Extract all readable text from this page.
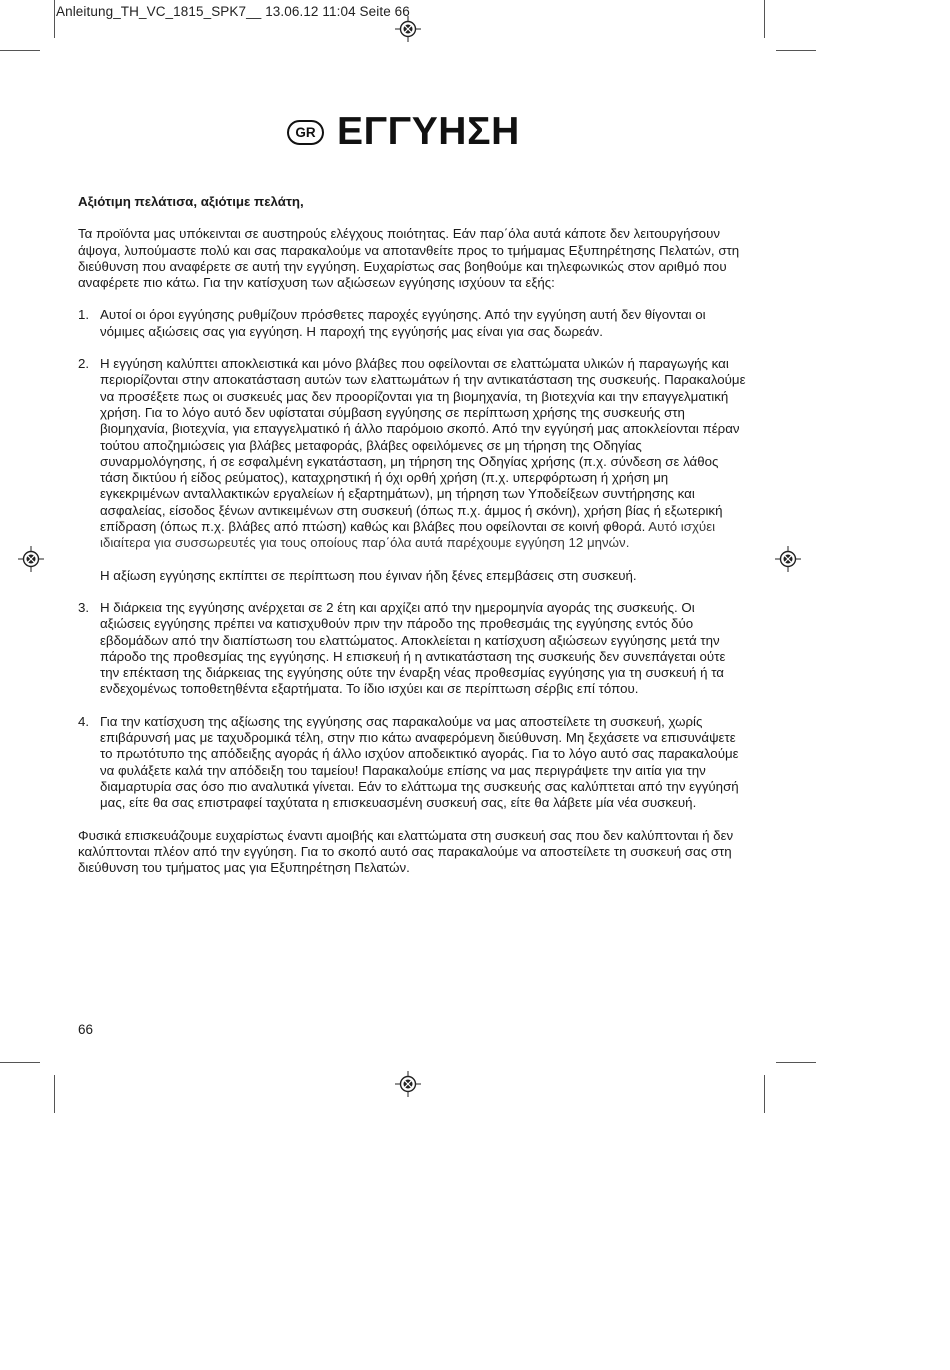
Anleitung_TH_VC_1815_SPK7__ 13.06.12 11:04 Seite 66
GR ΕΓΓΥΗΣΗ

Αξιότιμη πελάτισα, αξιότιμε πελάτη,

Τα προϊόντα μας υπόκεινται σε αυστηρούς ελέγχους ποιότητας. Εάν παρ΄όλα αυτά κάποτε δεν λειτουργήσουν άψογα, λυπούμαστε πολύ και σας παρακαλούμε να αποτανθείτε προς το τμήμαμας Εξυπηρέτησης Πελατών, στη διεύθυνση που αναφέρετε σε αυτή την εγγύηση. Ευχαρίστως σας βοηθούμε και τηλεφωνικώς στον αριθμό που αναφέρετε πιο κάτω. Για την κατίσχυση των αξιώσεων εγγύησης ισχύουν τα εξής:

1. Αυτοί οι όροι εγγύησης ρυθμίζουν πρόσθετες παροχές εγγύησης. Από την εγγύηση αυτή δεν θίγονται οι νόμιμες αξιώσεις σας για εγγύηση. Η παροχή της εγγύησής μας είναι για σας δωρεάν.
2. Η εγγύηση καλύπτει αποκλειστικά και μόνο βλάβες που οφείλονται σε ελαττώματα υλικών ή παραγωγής και περιορίζονται στην αποκατάσταση αυτών των ελαττωμάτων ή την αντικατάσταση της συσκευής. Παρακαλούμε να προσέξετε πως οι συσκευές μας δεν προορίζονται για τη βιομηχανία, τη βιοτεχνία και την επαγγελματική χρήση. Για το λόγο αυτό δεν υφίσταται σύμβαση εγγύησης σε περίπτωση χρήσης της συσκευής στη βιομηχανία, βιοτεχνία, για επαγγελματικό ή άλλο παρόμοιο σκοπό. Από την εγγύησή μας αποκλείονται πέραν τούτου αποζημιώσεις για βλάβες μεταφοράς, βλάβες οφειλόμενες σε μη τήρηση της Οδηγίας συναρμολόγησης, ή σε εσφαλμένη εγκατάσταση, μη τήρηση της Οδηγίας χρήσης (π.χ. σύνδεση σε λάθος τάση δικτύου ή είδος ρεύματος), καταχρηστική ή όχι ορθή χρήση (π.χ. υπερφόρτωση ή χρήση μη εγκεκριμένων ανταλλακτικών εργαλείων ή εξαρτημάτων), μη τήρηση των Υποδείξεων συντήρησης και ασφαλείας, είσοδος ξένων αντικειμένων στη συσκευή (όπως π.χ. άμμος ή σκόνη), χρήση βίας ή εξωτερική επίδραση (όπως π.χ. βλάβες από πτώση) καθώς και βλάβες που οφείλονται σε κοινή φθορά. Αυτό ισχύει ιδιαίτερα για συσσωρευτές για τους οποίους παρ΄όλα αυτά παρέχουμε εγγύηση 12 μηνών.
Η αξίωση εγγύησης εκπίπτει σε περίπτωση που έγιναν ήδη ξένες επεμβάσεις στη συσκευή.
3. Η διάρκεια της εγγύησης ανέρχεται σε 2 έτη και αρχίζει από την ημερομηνία αγοράς της συσκευής. Οι αξιώσεις εγγύησης πρέπει να κατισχυθούν πριν την πάροδο της προθεσμάις της εγγύησης εντός δύο εβδομάδων από την διαπίστωση του ελαττώματος. Αποκλείεται η κατίσχυση αξιώσεων εγγύησης μετά την πάροδο της προθεσμίας της εγγύησης. Η επισκευή ή η αντικατάσταση της συσκευής δεν συνεπάγεται ούτε την επέκταση της διάρκειας της εγγύησης ούτε την έναρξη νέας προθεσμίας εγγύησης για τη συσκευή ή τα ενδεχομένως τοποθετηθέντα εξαρτήματα. Το ίδιο ισχύει και σε περίπτωση σέρβις επί τόπου.
4. Για την κατίσχυση της αξίωσης της εγγύησης σας παρακαλούμε να μας αποστείλετε τη συσκευή, χωρίς επιβάρυνσή μας με ταχυδρομικά τέλη, στην πιο κάτω αναφερόμενη διεύθυνση. Μη ξεχάσετε να επισυνάψετε το πρωτότυπο της απόδειξης αγοράς ή άλλο ισχύον αποδεικτικό αγοράς. Για το λόγο αυτό σας παρακαλούμε να φυλάξετε καλά την απόδειξη του ταμείου! Παρακαλούμε επίσης να μας περιγράψετε την αιτία για την διαμαρτυρία σας όσο πιο αναλυτικά γίνεται. Εάν το ελάττωμα της συσκευής σας καλύπτεται από την εγγύησή μας, είτε θα σας επιστραφεί ταχύτατα η επισκευασμένη συσκευή σας, είτε θα λάβετε μία νέα συσκευή.

Φυσικά επισκευάζουμε ευχαρίστως έναντι αμοιβής και ελαττώματα στη συσκευή σας που δεν καλύπτονται ή δεν καλύπτονται πλέον από την εγγύηση. Για το σκοπό αυτό σας παρακαλούμε να αποστείλετε τη συσκευή σας στη διεύθυνση του τμήματος μας για Εξυπηρέτηση Πελατών.

66
